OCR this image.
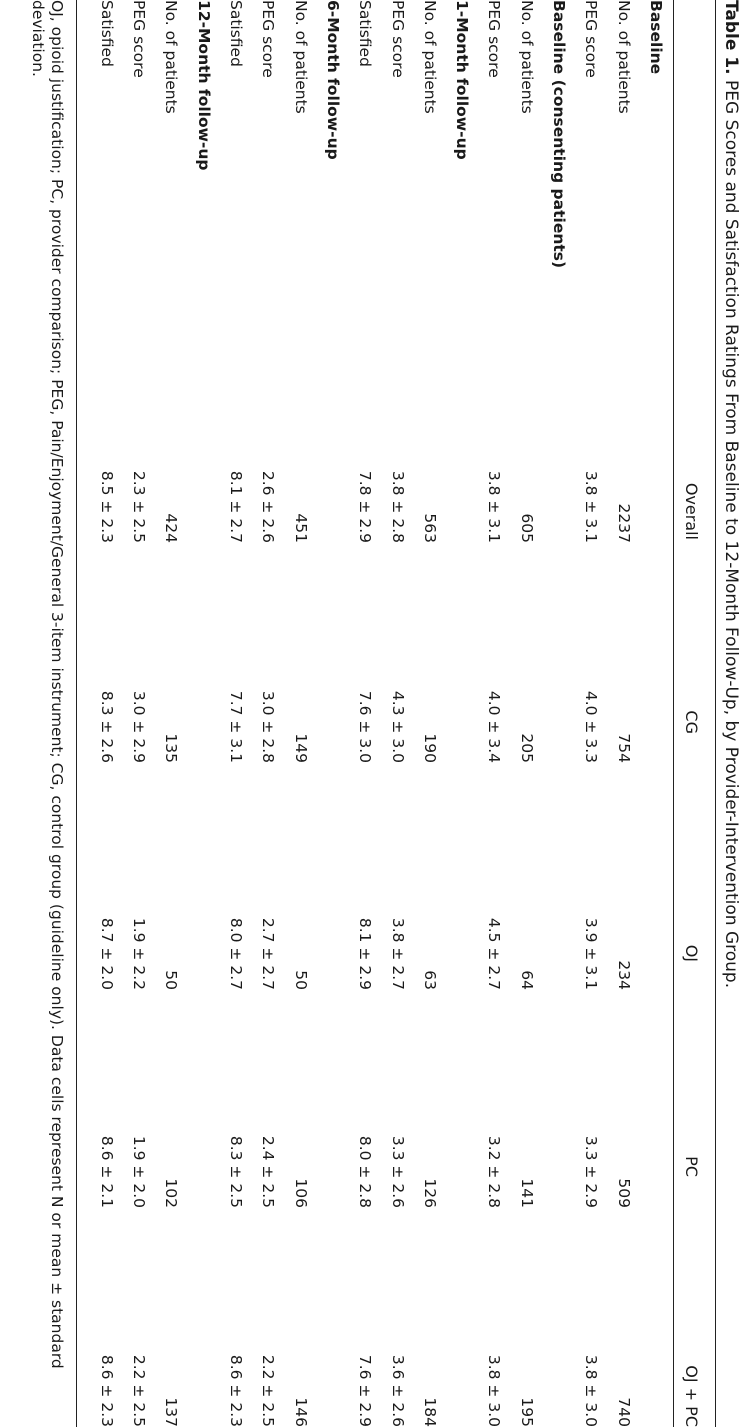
Table 1. PEG Scores and Satisfaction Ratings From Baseline to 12-Month Follow-Up, by Provider-Intervention Group.
Overall
CG
OJ
PC
OJ + PC
Baseline
No. of patients
2237
754
234
509
740
PEG score
3.8 ± 3.1
4.0 ± 3.3
3.9 ± 3.1
3.3 ± 2.9
3.8 ± 3.0
Baseline (consenting patients)
No. of patients
605
205
64
141
195
PEG score
3.8 ± 3.1
4.0 ± 3.4
4.5 ± 2.7
3.2 ± 2.8
3.8 ± 3.0
1-Month follow-up
No. of patients
563
190
63
126
184
PEG score
3.8 ± 2.8
4.3 ± 3.0
3.8 ± 2.7
3.3 ± 2.6
3.6 ± 2.6
Satisfied
7.8 ± 2.9
7.6 ± 3.0
8.1 ± 2.9
8.0 ± 2.8
7.6 ± 2.9
6-Month follow-up
No. of patients
451
149
50
106
146
PEG score
2.6 ± 2.6
3.0 ± 2.8
2.7 ± 2.7
2.4 ± 2.5
2.2 ± 2.5
Satisfied
8.1 ± 2.7
7.7 ± 3.1
8.0 ± 2.7
8.3 ± 2.5
8.6 ± 2.3
12-Month follow-up
No. of patients
424
135
50
102
137
PEG score
2.3 ± 2.5
3.0 ± 2.9
1.9 ± 2.2
1.9 ± 2.0
2.2 ± 2.5
Satisfied
8.5 ± 2.3
8.3 ± 2.6
8.7 ± 2.0
8.6 ± 2.1
8.6 ± 2.3
OJ, opioid justification; PC, provider comparison; PEG, Pain/Enjoyment/General 3-item instrument; CG, control group (guideline only). Data cells represent N or mean ± standard deviation.
